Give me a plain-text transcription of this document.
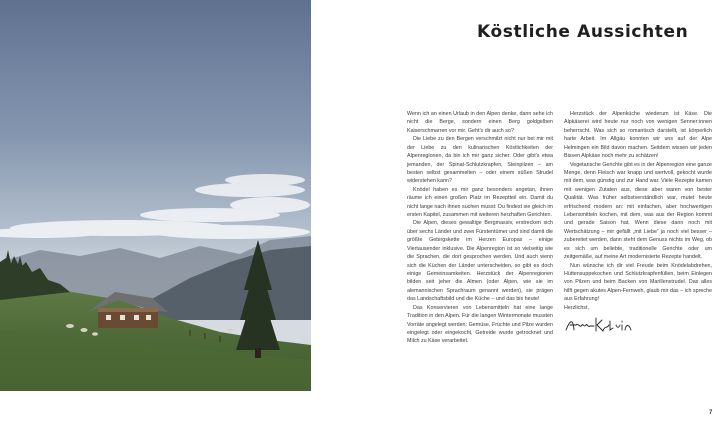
Köstliche Aussichten

Wenn ich an einen Urlaub in den Alpen denke, dann sehe ich nicht die Berge, sondern einen Berg goldgelben Kaiserschmarren vor mir. Geht’s dir auch so?

Die Liebe zu den Bergen verschmilzt nicht nur bei mir mit der Liebe zu den kulinarischen Köstlichkeiten der Alpenregionen, da bin ich mir ganz sicher. Oder gibt’s etwa jemanden, der Spinat-Schlutzkrapfen, Steinpilzen – am besten selbst gesammelten – oder einem süßen Strudel widerstehen kann?

Knödel haben es mir ganz besonders angetan, ihnen räume ich einen großen Platz im Rezeptteil ein. Damit du nicht lange nach ihnen suchen musst: Du findest sie gleich im ersten Kapitel, zusammen mit weiteren herzhaften Gerichten.

Die Alpen, dieses gewaltige Bergmassiv, erstrecken sich über sechs Länder und zwei Fürstentümer und sind damit die größte Gebirgskette im Herzen Europas – einige Viertausender inklusive. Die Alpenregion ist so vielseitig wie die Sprachen, die dort gesprochen werden. Und auch wenn sich die Küchen der Länder unterscheiden, so gibt es doch einige Gemeinsamkeiten. Herzstück der Alpenregionen bilden seit jeher die Almen (oder Alpen, wie sie im alemannischen Sprachraum genannt werden), sie prägen das Landschaftsbild und die Küche – und das bis heute!

Das Konservieren von Lebensmitteln hat eine lange Tradition in den Alpen. Für die langen Wintermonate mussten Vorräte angelegt werden: Gemüse, Früchte und Pilze wurden eingelegt oder eingekocht, Getreide wurde getrocknet und Milch zu Käse verarbeitet.

Herzstück der Alpenküche wiederum ist Käse. Die Alpkäserei wird heute nur noch von wenigen Senner:innen beherrscht. Was sich so romantisch darstellt, ist körperlich harte Arbeit. Im Allgäu konnten wir uns auf der Alpe Helmingen ein Bild davon machen. Seitdem wissen wir jeden Bissen Alpkäse noch mehr zu schätzen!

Vegetarische Gerichte gibt es in der Alpenregion eine ganze Menge, denn Fleisch war knapp und wertvoll, gekocht wurde mit dem, was günstig und zur Hand war. Viele Rezepte kamen mit wenigen Zutaten aus, diese aber waren von bester Qualität. Was früher selbstverständlich war, mutet heute erfrischend modern an: mit einfachen, aber hochwertigen Lebensmitteln kochen, mit dem, was aus der Region kommt und gerade Saison hat. Wenn diese dann noch mit Wertschätzung – mir gefällt „mit Liebe“ ja noch viel besser – zubereitet werden, dann steht dem Genuss nichts im Weg, ob es sich um beliebte, traditionelle Gerichte oder um zeitgemäße, auf meine Art modernisierte Rezepte handelt.

Nun wünsche ich dir viel Freude beim Knödelabdrehen, Hüttensuppekochen und Schlutzkrapfenfüllen, beim Einlegen von Pilzen und beim Backen von Marillenstrudel. Das alles hilft gegen akutes Alpen-Fernweh, glaub mir das – ich spreche aus Erfahrung!

Herzlichst,

7
